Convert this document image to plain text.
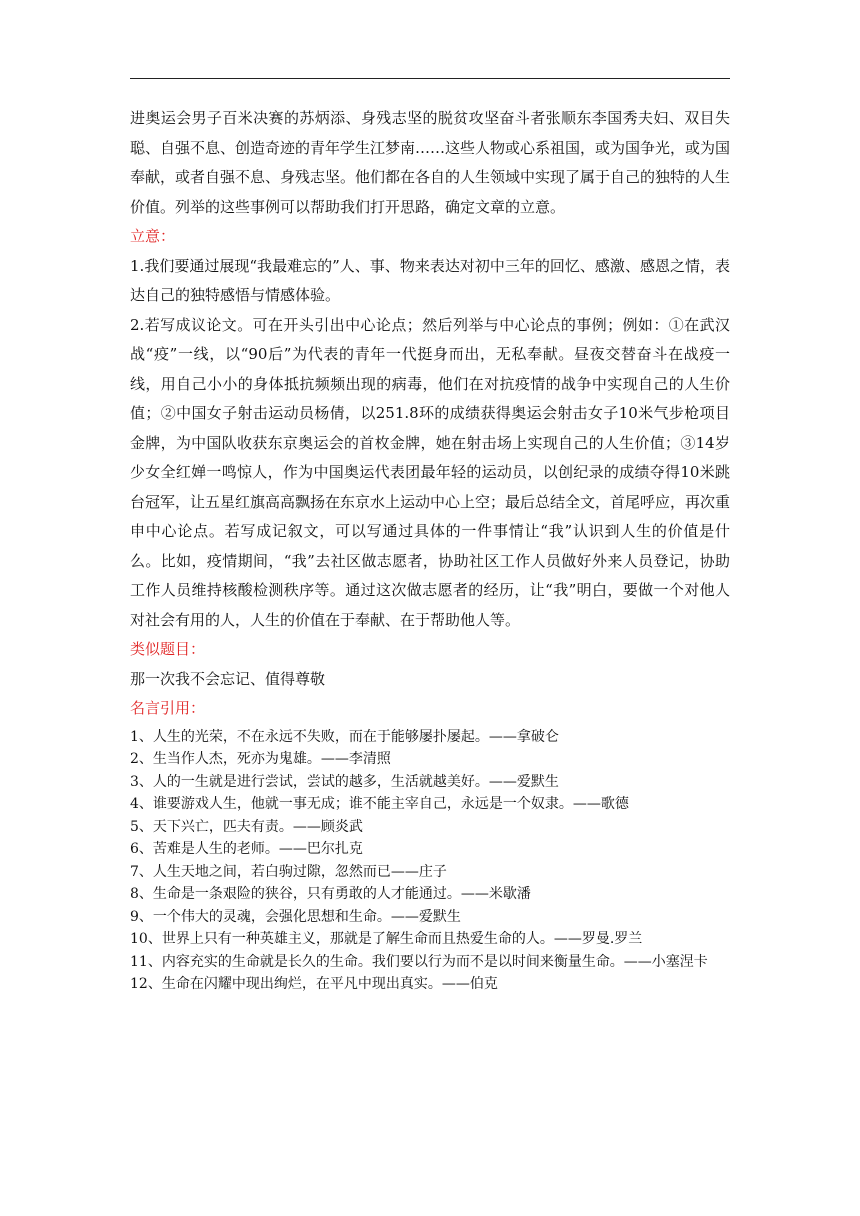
进奥运会男子百米决赛的苏炳添、身残志坚的脱贫攻坚奋斗者张顺东李国秀夫妇、双目失聪、自强不息、创造奇迹的青年学生江梦南……这些人物或心系祖国，或为国争光，或为国奉献，或者自强不息、身残志坚。他们都在各自的人生领域中实现了属于自己的独特的人生价值。列举的这些事例可以帮助我们打开思路，确定文章的立意。

立意：

1.我们要通过展现“我最难忘的”人、事、物来表达对初中三年的回忆、感激、感恩之情，表达自己的独特感悟与情感体验。

2.若写成议论文。可在开头引出中心论点；然后列举与中心论点的事例；例如：①在武汉战“疫”一线，以“90后”为代表的青年一代挺身而出，无私奉献。昼夜交替奋斗在战疫一线，用自己小小的身体抵抗频频出现的病毒，他们在对抗疫情的战争中实现自己的人生价值；②中国女子射击运动员杨倩，以251.8环的成绩获得奥运会射击女子10米气步枪项目金牌，为中国队收获东京奥运会的首枚金牌，她在射击场上实现自己的人生价值；③14岁少女全红婵一鸣惊人，作为中国奥运代表团最年轻的运动员，以创纪录的成绩夺得10米跳台冠军，让五星红旗高高飘扬在东京水上运动中心上空；最后总结全文，首尾呼应，再次重申中心论点。若写成记叙文，可以写通过具体的一件事情让“我”认识到人生的价值是什么。比如，疫情期间，“我”去社区做志愿者，协助社区工作人员做好外来人员登记，协助工作人员维持核酸检测秩序等。通过这次做志愿者的经历，让“我”明白，要做一个对他人对社会有用的人，人生的价值在于奉献、在于帮助他人等。

类似题目：

那一次我不会忘记、值得尊敬

名言引用：

1、人生的光荣，不在永远不失败，而在于能够屡扑屡起。——拿破仑

2、生当作人杰，死亦为鬼雄。——李清照

3、人的一生就是进行尝试，尝试的越多，生活就越美好。——爱默生

4、谁要游戏人生，他就一事无成；谁不能主宰自己，永远是一个奴隶。——歌德

5、天下兴亡，匹夫有责。——顾炎武

6、苦难是人生的老师。——巴尔扎克

7、人生天地之间，若白驹过隙，忽然而已——庄子

8、生命是一条艰险的狭谷，只有勇敢的人才能通过。——米歇潘

9、一个伟大的灵魂，会强化思想和生命。——爱默生

10、世界上只有一种英雄主义，那就是了解生命而且热爱生命的人。——罗曼.罗兰

11、内容充实的生命就是长久的生命。我们要以行为而不是以时间来衡量生命。——小塞涅卡

12、生命在闪耀中现出绚烂，在平凡中现出真实。——伯克
